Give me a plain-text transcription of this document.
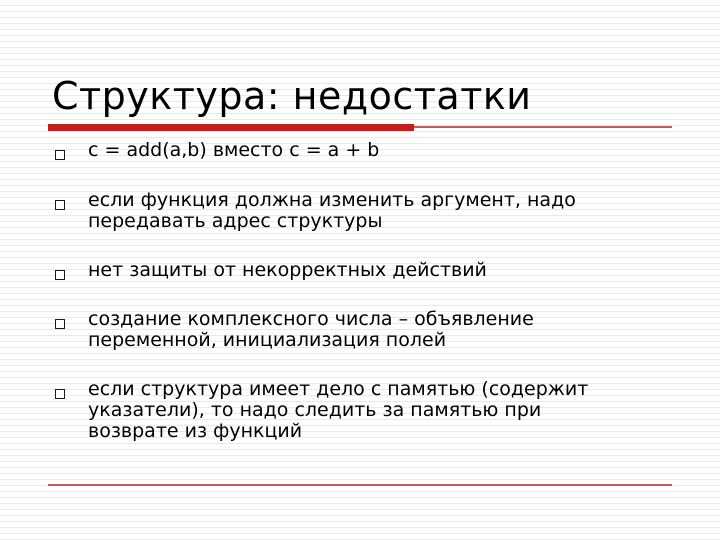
Структура: недостатки
c = add(a,b) вместо c = a + b
если функция должна изменить аргумент, надо
передавать адрес структуры
нет защиты от некорректных действий
создание комплексного числа – объявление
переменной, инициализация полей
если структура имеет дело с памятью (содержит
указатели), то надо следить за памятью при
возврате из функций
